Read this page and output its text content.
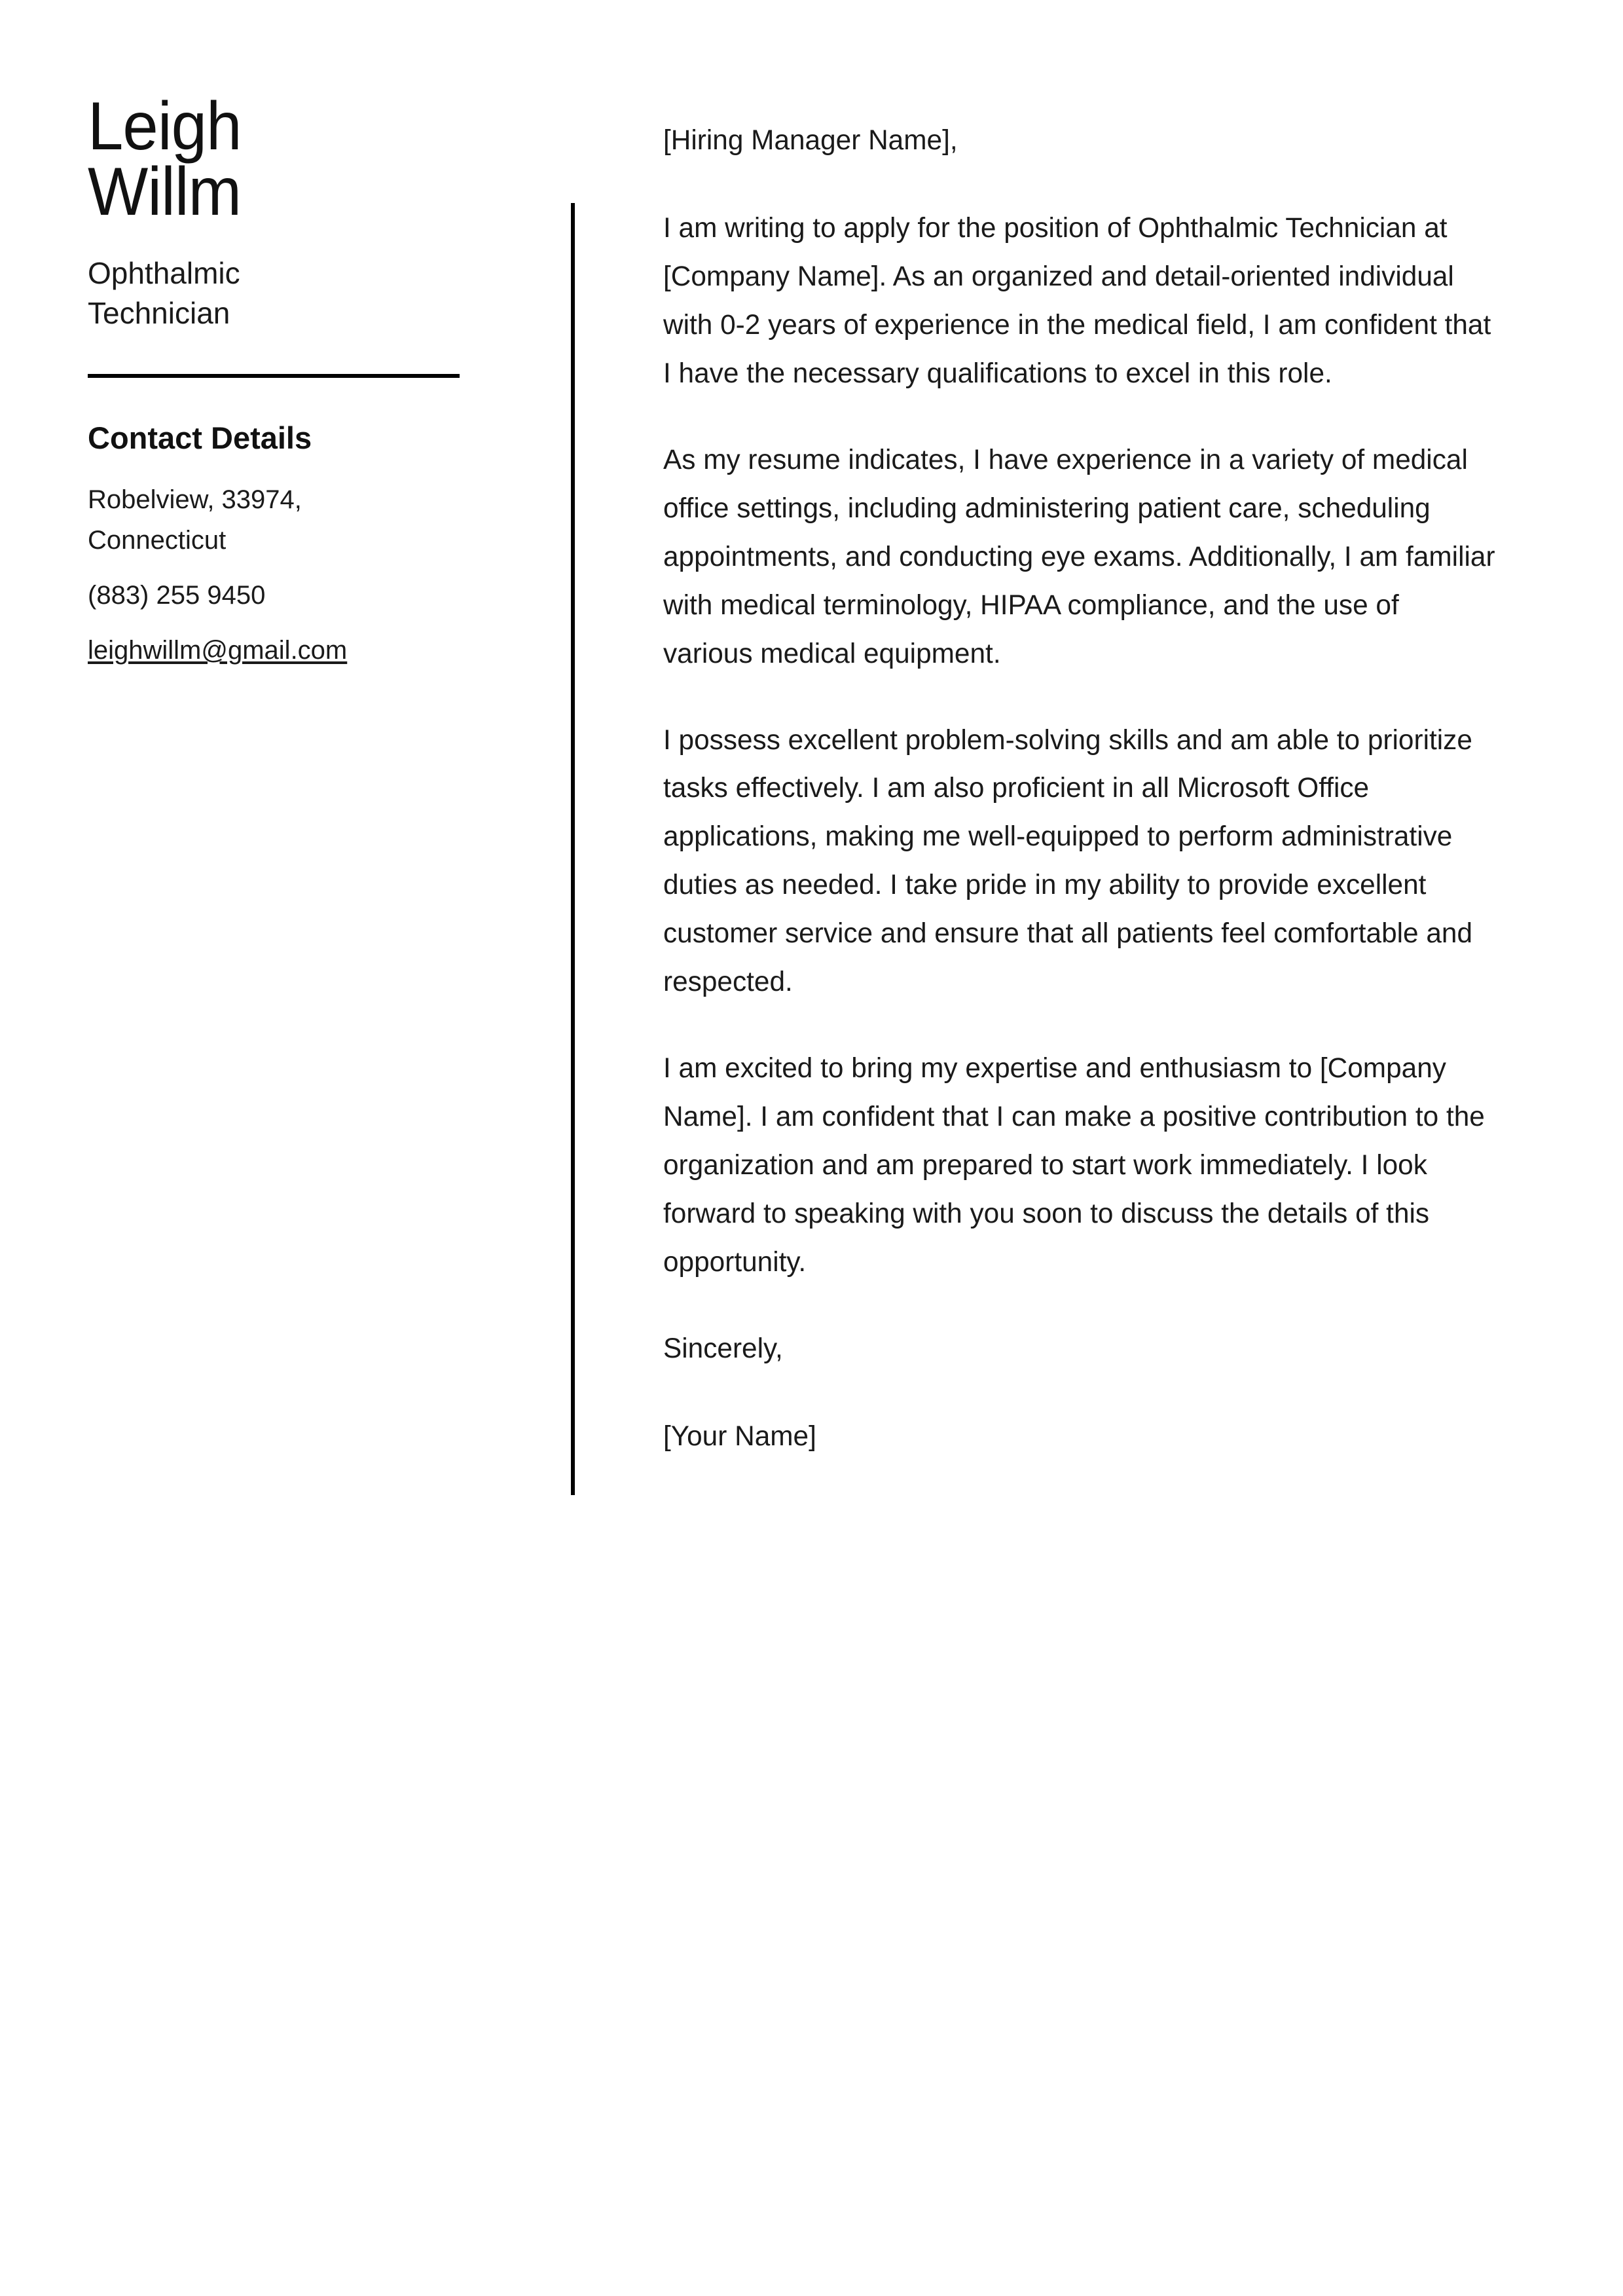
Leigh
Willm
Ophthalmic Technician
Contact Details
Robelview, 33974, Connecticut
(883) 255 9450
leighwillm@gmail.com

[Hiring Manager Name],

I am writing to apply for the position of Ophthalmic Technician at [Company Name]. As an organized and detail-oriented individual with 0-2 years of experience in the medical field, I am confident that I have the necessary qualifications to excel in this role.

As my resume indicates, I have experience in a variety of medical office settings, including administering patient care, scheduling appointments, and conducting eye exams. Additionally, I am familiar with medical terminology, HIPAA compliance, and the use of various medical equipment.

I possess excellent problem-solving skills and am able to prioritize tasks effectively. I am also proficient in all Microsoft Office applications, making me well-equipped to perform administrative duties as needed. I take pride in my ability to provide excellent customer service and ensure that all patients feel comfortable and respected.

I am excited to bring my expertise and enthusiasm to [Company Name]. I am confident that I can make a positive contribution to the organization and am prepared to start work immediately. I look forward to speaking with you soon to discuss the details of this opportunity.

Sincerely,

[Your Name]
